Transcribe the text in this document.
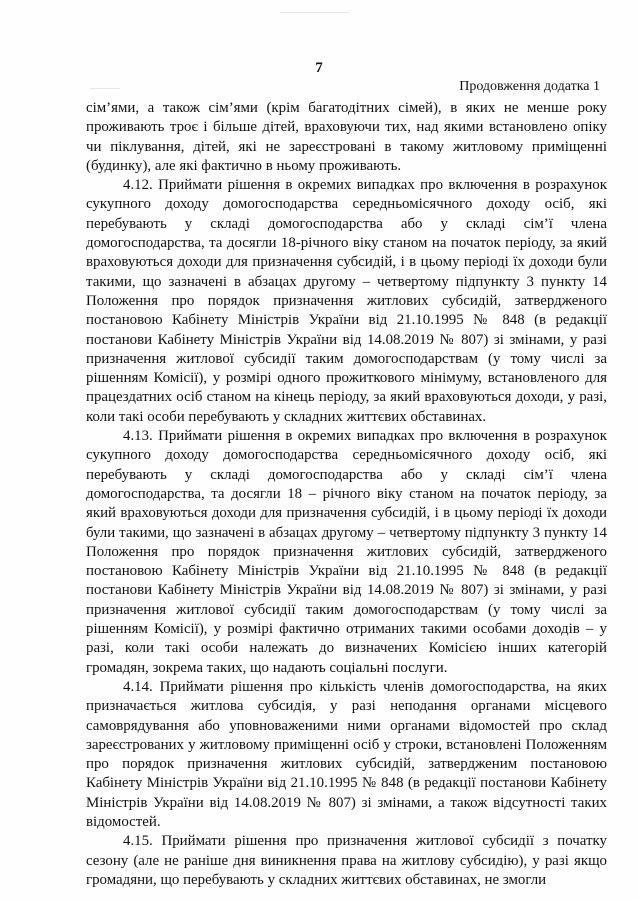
7
Продовження додатка 1

сім’ями, а також сім’ями (крім багатодітних сімей), в яких не менше року проживають троє і більше дітей, враховуючи тих, над якими встановлено опіку чи піклування, дітей, які не зареєстровані в такому житловому приміщенні (будинку), але які фактично в ньому проживають.

4.12. Приймати рішення в окремих випадках про включення в розрахунок сукупного доходу домогосподарства середньомісячного доходу осіб, які перебувають у складі домогосподарства або у складі сім’ї члена домогосподарства, та досягли 18-річного віку станом на початок періоду, за який враховуються доходи для призначення субсидій, і в цьому періоді їх доходи були такими, що зазначені в абзацах другому – четвертому підпункту 3 пункту 14 Положення про порядок призначення житлових субсидій, затвердженого постановою Кабінету Міністрів України від 21.10.1995 № 848 (в редакції постанови Кабінету Міністрів України від 14.08.2019 № 807) зі змінами, у разі призначення житлової субсидії таким домогосподарствам (у тому числі за рішенням Комісії), у розмірі одного прожиткового мінімуму, встановленого для працездатних осіб станом на кінець періоду, за який враховуються доходи, у разі, коли такі особи перебувають у складних життєвих обставинах.

4.13. Приймати рішення в окремих випадках про включення в розрахунок сукупного доходу домогосподарства середньомісячного доходу осіб, які перебувають у складі домогосподарства або у складі сім’ї члена домогосподарства, та досягли 18 – річного віку станом на початок періоду, за який враховуються доходи для призначення субсидій, і в цьому періоді їх доходи були такими, що зазначені в абзацах другому – четвертому підпункту 3 пункту 14 Положення про порядок призначення житлових субсидій, затвердженого постановою Кабінету Міністрів України від 21.10.1995 № 848 (в редакції постанови Кабінету Міністрів України від 14.08.2019 № 807) зі змінами, у разі призначення житлової субсидії таким домогосподарствам (у тому числі за рішенням Комісії), у розмірі фактично отриманих такими особами доходів – у разі, коли такі особи належать до визначених Комісією інших категорій громадян, зокрема таких, що надають соціальні послуги.

4.14. Приймати рішення про кількість членів домогосподарства, на яких призначається житлова субсидія, у разі неподання органами місцевого самоврядування або уповноваженими ними органами відомостей про склад зареєстрованих у житловому приміщенні осіб у строки, встановлені Положенням про порядок призначення житлових субсидій, затвердженим постановою Кабінету Міністрів України від 21.10.1995 № 848 (в редакції постанови Кабінету Міністрів України від 14.08.2019 № 807) зі змінами, а також відсутності таких відомостей.

4.15. Приймати рішення про призначення житлової субсидії з початку сезону (але не раніше дня виникнення права на житлову субсидію), у разі якщо громадяни, що перебувають у складних життєвих обставинах, не змогли
